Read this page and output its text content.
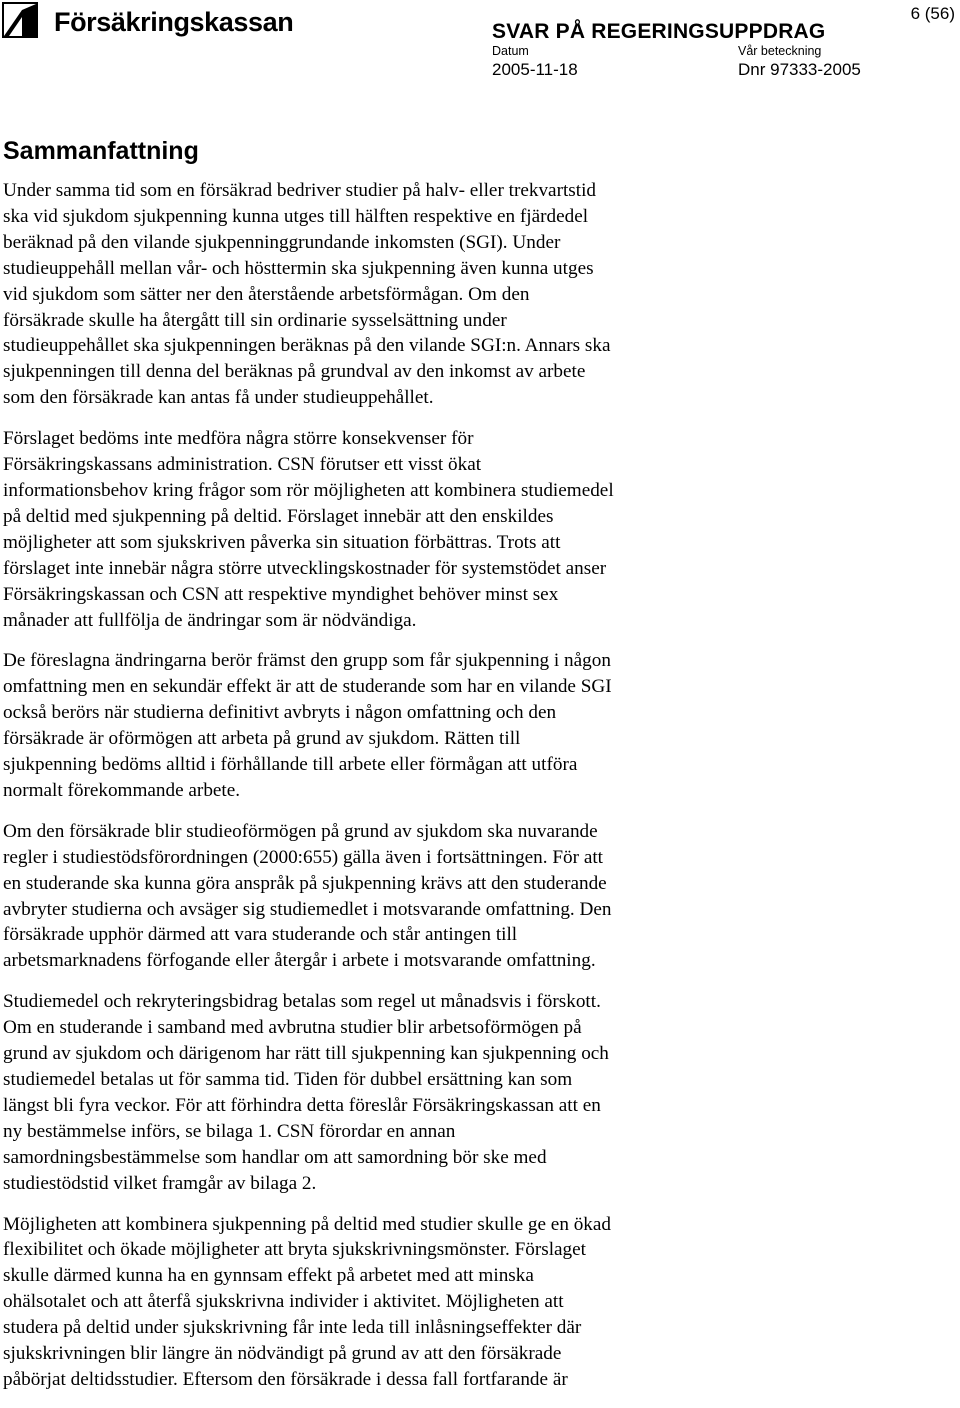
Försäkringskassan	SVAR PÅ REGERINGSUPPDRAG
6 (56)
Datum	Vår beteckning
2005-11-18	Dnr 97333-2005
Sammanfattning

Under samma tid som en försäkrad bedriver studier på halv- eller trekvartstid
ska vid sjukdom sjukpenning kunna utges till hälften respektive en fjärdedel
beräknad på den vilande sjukpenninggrundande inkomsten (SGI). Under
studieuppehåll mellan vår- och hösttermin ska sjukpenning även kunna utges
vid sjukdom som sätter ner den återstående arbetsförmågan. Om den
försäkrade skulle ha återgått till sin ordinarie sysselsättning under
studieuppehållet ska sjukpenningen beräknas på den vilande SGI:n. Annars ska
sjukpenningen till denna del beräknas på grundval av den inkomst av arbete
som den försäkrade kan antas få under studieuppehållet.

Förslaget bedöms inte medföra några större konsekvenser för
Försäkringskassans administration. CSN förutser ett visst ökat
informationsbehov kring frågor som rör möjligheten att kombinera studiemedel
på deltid med sjukpenning på deltid. Förslaget innebär att den enskildes
möjligheter att som sjukskriven påverka sin situation förbättras. Trots att
förslaget inte innebär några större utvecklingskostnader för systemstödet anser
Försäkringskassan och CSN att respektive myndighet behöver minst sex
månader att fullfölja de ändringar som är nödvändiga.

De föreslagna ändringarna berör främst den grupp som får sjukpenning i någon
omfattning men en sekundär effekt är att de studerande som har en vilande SGI
också berörs när studierna definitivt avbryts i någon omfattning och den
försäkrade är oförmögen att arbeta på grund av sjukdom. Rätten till
sjukpenning bedöms alltid i förhållande till arbete eller förmågan att utföra
normalt förekommande arbete.

Om den försäkrade blir studieoförmögen på grund av sjukdom ska nuvarande
regler i studiestödsförordningen (2000:655) gälla även i fortsättningen. För att
en studerande ska kunna göra anspråk på sjukpenning krävs att den studerande
avbryter studierna och avsäger sig studiemedlet i motsvarande omfattning. Den
försäkrade upphör därmed att vara studerande och står antingen till
arbetsmarknadens förfogande eller återgår i arbete i motsvarande omfattning.

Studiemedel och rekryteringsbidrag betalas som regel ut månadsvis i förskott.
Om en studerande i samband med avbrutna studier blir arbetsoförmögen på
grund av sjukdom och därigenom har rätt till sjukpenning kan sjukpenning och
studiemedel betalas ut för samma tid. Tiden för dubbel ersättning kan som
längst bli fyra veckor. För att förhindra detta föreslår Försäkringskassan att en
ny bestämmelse införs, se bilaga 1. CSN förordar en annan
samordningsbestämmelse som handlar om att samordning bör ske med
studiestödstid vilket framgår av bilaga 2.

Möjligheten att kombinera sjukpenning på deltid med studier skulle ge en ökad
flexibilitet och ökade möjligheter att bryta sjukskrivningsmönster. Förslaget
skulle därmed kunna ha en gynnsam effekt på arbetet med att minska
ohälsotalet och att återfå sjukskrivna individer i aktivitet. Möjligheten att
studera på deltid under sjukskrivning får inte leda till inlåsningseffekter där
sjukskrivningen blir längre än nödvändigt på grund av att den försäkrade
påbörjat deltidsstudier. Eftersom den försäkrade i dessa fall fortfarande är
